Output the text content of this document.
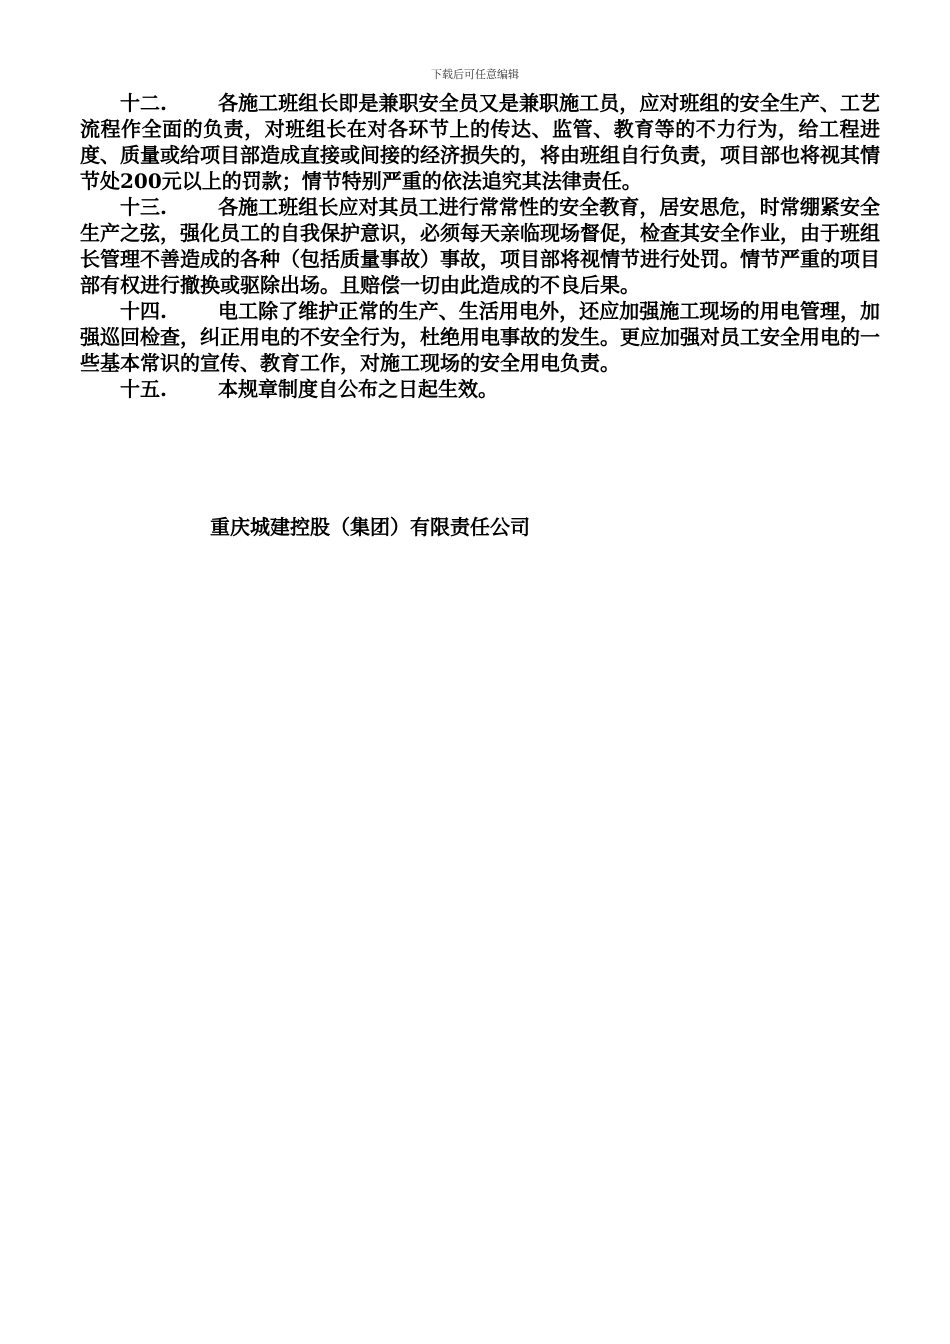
下载后可任意编辑

十二.	各施工班组长即是兼职安全员又是兼职施工员，应对班组的安全生产、工艺流程作全面的负责，对班组长在对各环节上的传达、监管、教育等的不力行为，给工程进度、质量或给项目部造成直接或间接的经济损失的，将由班组自行负责，项目部也将视其情节处200元以上的罚款；情节特别严重的依法追究其法律责任。

十三.	各施工班组长应对其员工进行常常性的安全教育，居安思危，时常绷紧安全生产之弦，强化员工的自我保护意识，必须每天亲临现场督促，检查其安全作业，由于班组长管理不善造成的各种（包括质量事故）事故，项目部将视情节进行处罚。情节严重的项目部有权进行撤换或驱除出场。且赔偿一切由此造成的不良后果。

十四.	电工除了维护正常的生产、生活用电外，还应加强施工现场的用电管理，加强巡回检查，纠正用电的不安全行为，杜绝用电事故的发生。更应加强对员工安全用电的一些基本常识的宣传、教育工作，对施工现场的安全用电负责。

十五.	本规章制度自公布之日起生效。

重庆城建控股（集团）有限责任公司
